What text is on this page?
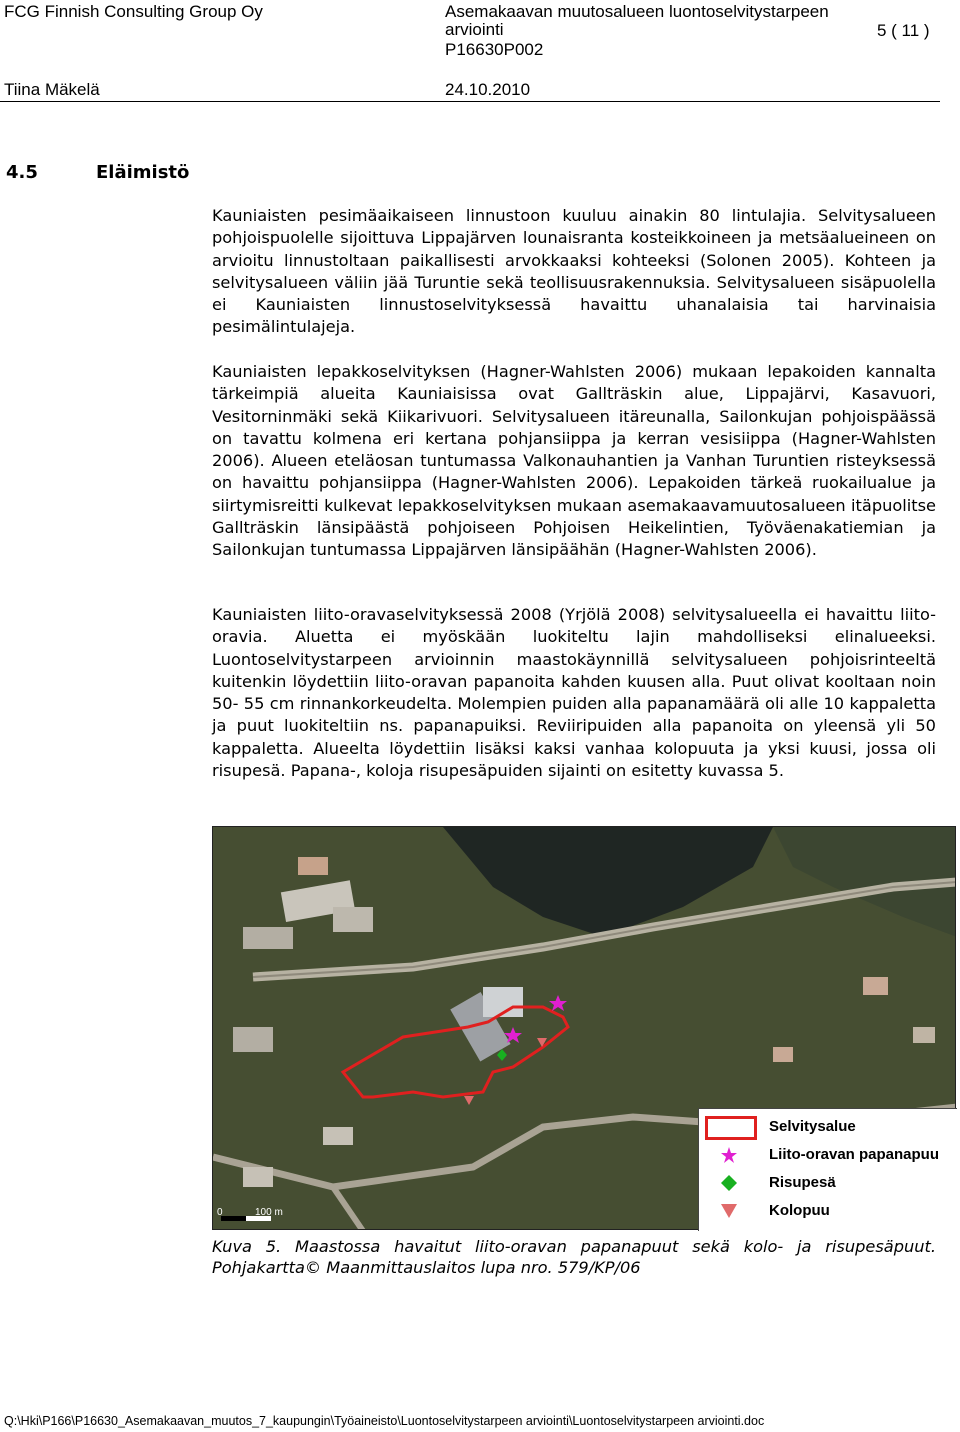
FCG Finnish Consulting Group Oy	Asemakaavan muutosalueen luontoselvitystarpeen
arviointi
P16630P002
5 ( 11 )
Tiina Mäkelä	24.10.2010
4.5	Eläimistö

Kauniaisten pesimäaikaiseen linnustoon kuuluu ainakin 80 lintulajia. Selvitysalueen pohjoispuolelle sijoittuva Lippajärven lounaisranta kosteikkoineen ja metsäalueineen on arvioitu linnustoltaan paikallisesti arvokkaaksi kohteeksi (Solonen 2005). Kohteen ja selvitysalueen väliin jää Turuntie sekä teollisuusrakennuksia. Selvitysalueen sisäpuolella ei Kauniaisten linnustoselvityksessä havaittu uhanalaisia tai harvinaisia pesimälintulajeja.

Kauniaisten lepakkoselvityksen (Hagner-Wahlsten 2006) mukaan lepakoiden kannalta tärkeimpiä alueita Kauniaisissa ovat Gallträskin alue, Lippajärvi, Kasavuori, Vesitorninmäki sekä Kiikarivuori. Selvitysalueen itäreunalla, Sailonkujan pohjoispäässä on tavattu kolmena eri kertana pohjansiippa ja kerran vesisiippa (Hagner-Wahlsten 2006). Alueen eteläosan tuntumassa Valkonauhantien ja Vanhan Turuntien risteyksessä on havaittu pohjansiippa (Hagner-Wahlsten 2006). Lepakoiden tärkeä ruokailualue ja siirtymisreitti kulkevat lepakkoselvityksen mukaan asemakaavamuutosalueen itäpuolitse Gallträskin länsipäästä pohjoiseen Pohjoisen Heikelintien, Työväenakatiemian ja Sailonkujan tuntumassa Lippajärven länsipäähän (Hagner-Wahlsten 2006).

Kauniaisten liito-oravaselvityksessä 2008 (Yrjölä 2008) selvitysalueella ei havaittu liito-oravia. Aluetta ei myöskään luokiteltu lajin mahdolliseksi elinalueeksi. Luontoselvitystarpeen arvioinnin maastokäynnillä selvitysalueen pohjoisrinteeltä kuitenkin löydettiin liito-oravan papanoita kahden kuusen alla. Puut olivat kooltaan noin 50- 55 cm rinnankorkeudelta. Molempien puiden alla papanamäärä oli alle 10 kappaletta ja puut luokiteltiin ns. papanapuiksi. Reviiripuiden alla papanoita on yleensä yli 50 kappaletta. Alueelta löydettiin lisäksi kaksi vanhaa kolopuuta ja yksi kuusi, jossa oli risupesä. Papana-, koloja risupesäpuiden sijainti on esitetty kuvassa 5.

0	100 m
Selvitysalue
Liito-oravan papanapuu
Risupesä
Kolopuu

Kuva 5. Maastossa havaitut liito-oravan papanapuut sekä kolo- ja risupesäpuut. Pohjakartta© Maanmittauslaitos lupa nro. 579/KP/06

Q:\Hki\P166\P16630_Asemakaavan_muutos_7_kaupungin\Työaineisto\Luontoselvitystarpeen arviointi\Luontoselvitystarpeen arviointi.doc
